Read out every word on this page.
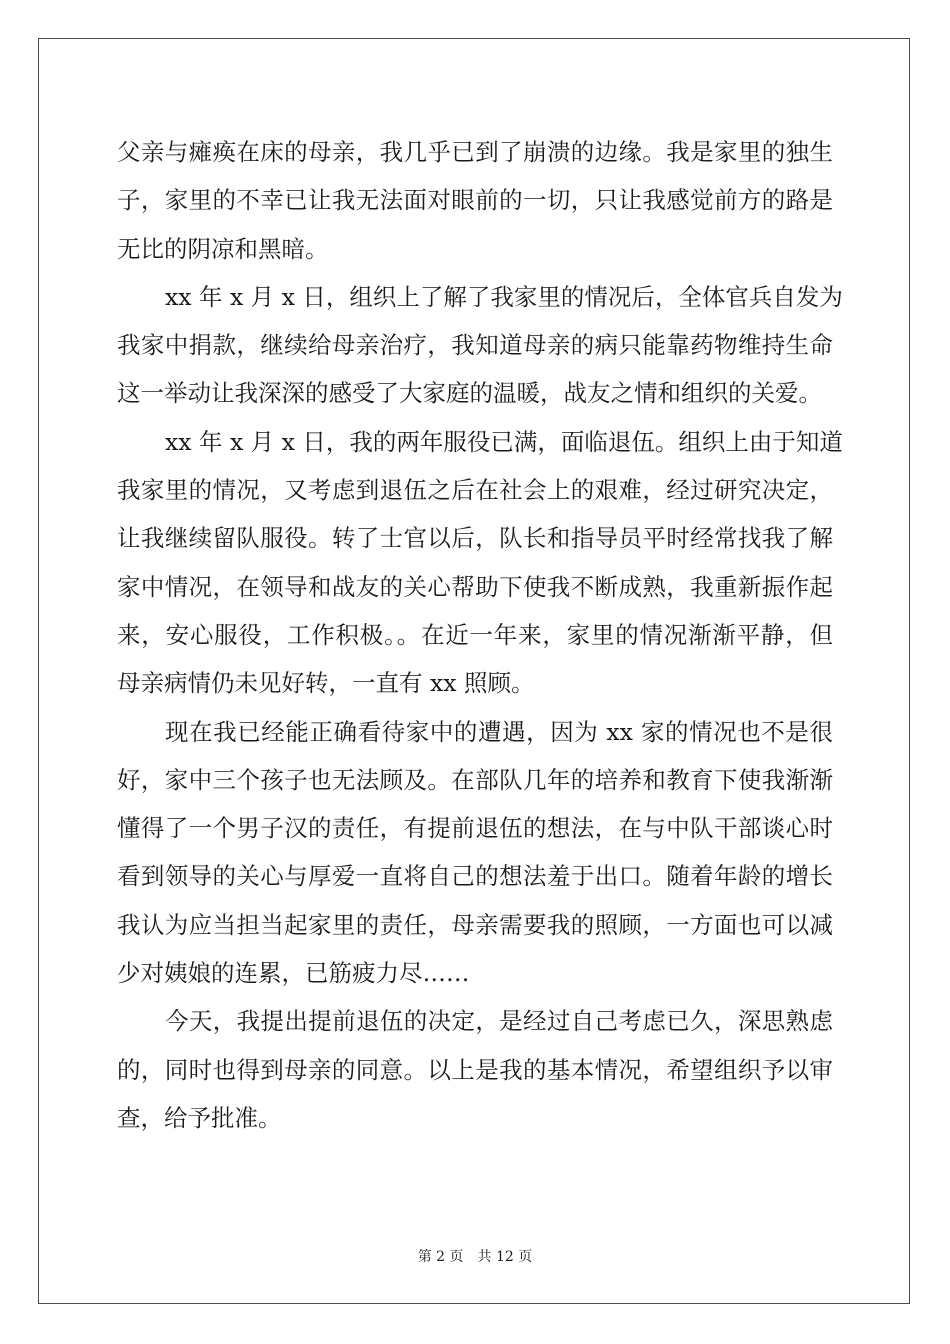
父亲与瘫痪在床的母亲，我几乎已到了崩溃的边缘。我是家里的独生
子，家里的不幸已让我无法面对眼前的一切，只让我感觉前方的路是
无比的阴凉和黑暗。
xx 年 x 月 x 日，组织上了解了我家里的情况后，全体官兵自发为
我家中捐款，继续给母亲治疗，我知道母亲的病只能靠药物维持生命
这一举动让我深深的感受了大家庭的温暖，战友之情和组织的关爱。
xx 年 x 月 x 日，我的两年服役已满，面临退伍。组织上由于知道
我家里的情况，又考虑到退伍之后在社会上的艰难，经过研究决定，
让我继续留队服役。转了士官以后，队长和指导员平时经常找我了解
家中情况，在领导和战友的关心帮助下使我不断成熟，我重新振作起
来，安心服役，工作积极。。在近一年来，家里的情况渐渐平静，但
母亲病情仍未见好转，一直有 xx 照顾。
现在我已经能正确看待家中的遭遇，因为 xx 家的情况也不是很
好，家中三个孩子也无法顾及。在部队几年的培养和教育下使我渐渐
懂得了一个男子汉的责任，有提前退伍的想法，在与中队干部谈心时
看到领导的关心与厚爱一直将自己的想法羞于出口。随着年龄的增长
我认为应当担当起家里的责任，母亲需要我的照顾，一方面也可以减
少对姨娘的连累，已筋疲力尽……
今天，我提出提前退伍的决定，是经过自己考虑已久，深思熟虑
的，同时也得到母亲的同意。以上是我的基本情况，希望组织予以审
查，给予批准。
第 2 页　共 12 页
